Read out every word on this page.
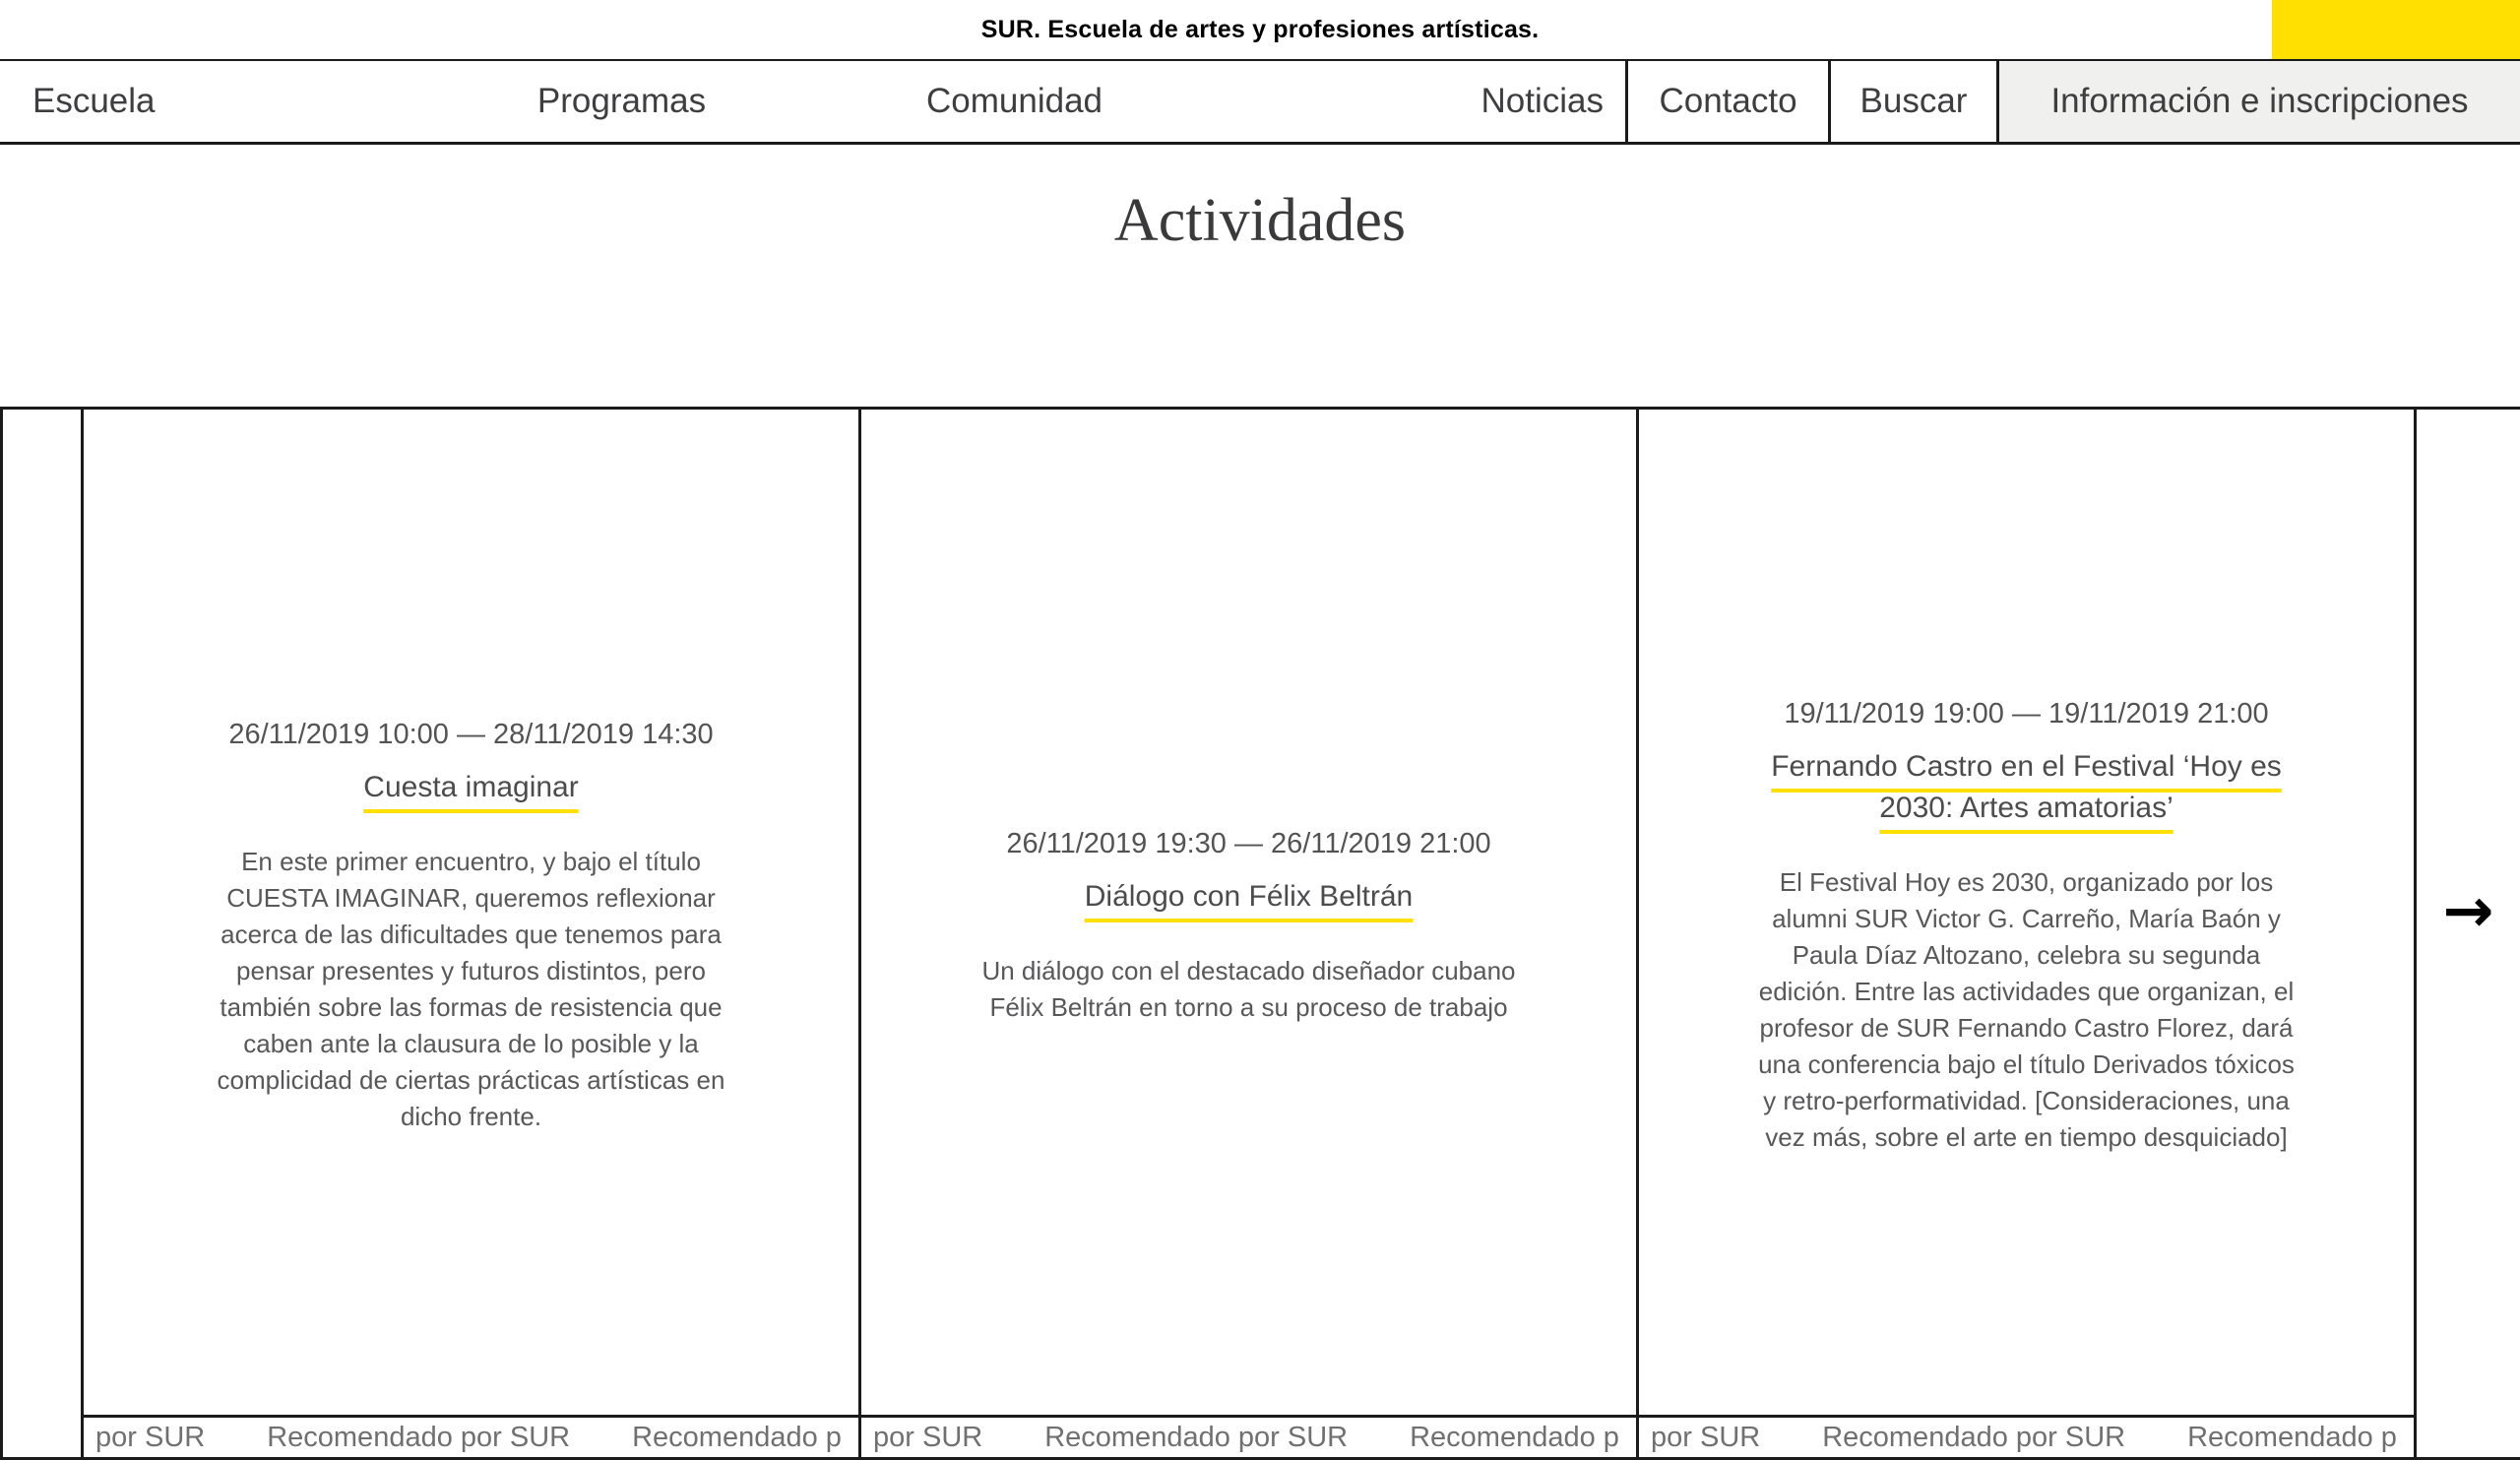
SUR. Escuela de artes y profesiones artísticas.
Escuela	Programas	Comunidad	Noticias	Contacto	Buscar	Información e inscripciones
Actividades
26/11/2019 10:00 — 28/11/2019 14:30
Cuesta imaginar

En este primer encuentro, y bajo el título CUESTA IMAGINAR, queremos reflexionar acerca de las dificultades que tenemos para pensar presentes y futuros distintos, pero también sobre las formas de resistencia que caben ante la clausura de lo posible y la complicidad de ciertas prácticas artísticas en dicho frente.

por SUR Recomendado por SUR Recomendado p
26/11/2019 19:30 — 26/11/2019 21:00
Diálogo con Félix Beltrán

Un diálogo con el destacado diseñador cubano Félix Beltrán en torno a su proceso de trabajo

por SUR Recomendado por SUR Recomendado p
19/11/2019 19:00 — 19/11/2019 21:00
Fernando Castro en el Festival ‘Hoy es 2030: Artes amatorias’

El Festival Hoy es 2030, organizado por los alumni SUR Victor G. Carreño, María Baón y Paula Díaz Altozano, celebra su segunda edición. Entre las actividades que organizan, el profesor de SUR Fernando Castro Florez, dará una conferencia bajo el título Derivados tóxicos y retro-performatividad. [Consideraciones, una vez más, sobre el arte en tiempo desquiciado]

por SUR Recomendado por SUR Recomendado p
→
